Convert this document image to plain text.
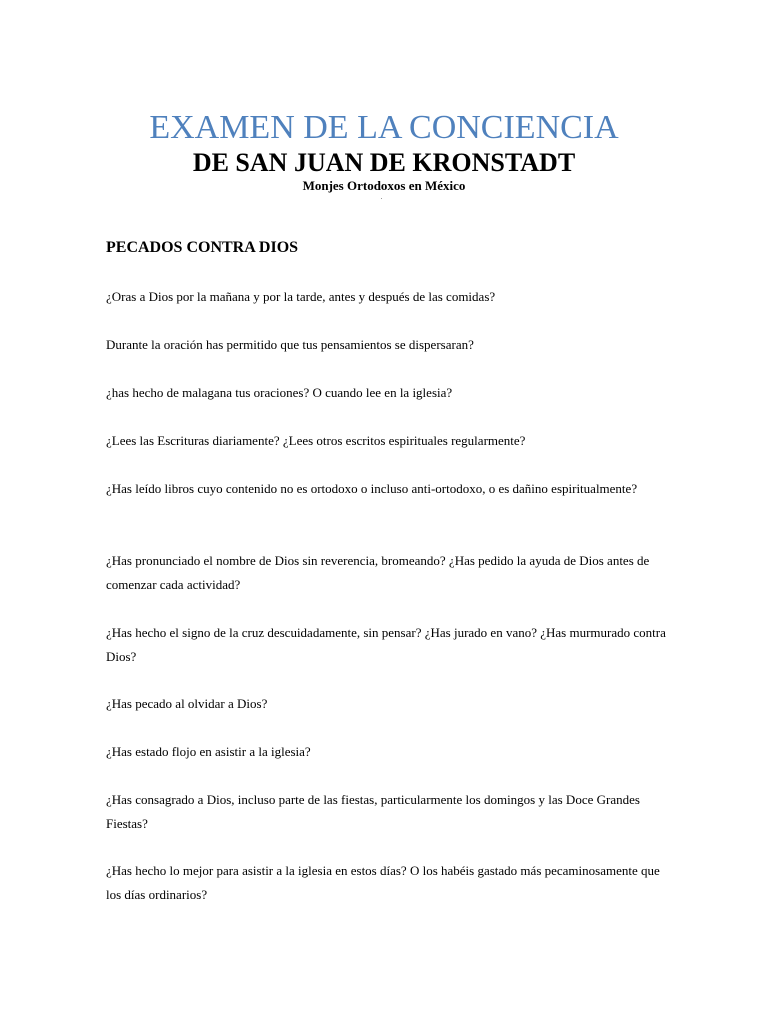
EXAMEN DE LA CONCIENCIA
DE SAN JUAN DE KRONSTADT
Monjes Ortodoxos en México
PECADOS CONTRA DIOS

¿Oras a Dios por la mañana y por la tarde, antes y después de las comidas?

Durante la oración has permitido que tus pensamientos se dispersaran?

¿has hecho de malagana tus oraciones? O cuando lee en la iglesia?

¿Lees las Escrituras diariamente? ¿Lees otros escritos espirituales regularmente?

¿Has leído libros cuyo contenido no es ortodoxo o incluso anti-ortodoxo, o es dañino espiritualmente?

¿Has pronunciado el nombre de Dios sin reverencia, bromeando? ¿Has pedido la ayuda de Dios antes de comenzar cada actividad?

¿Has hecho el signo de la cruz descuidadamente, sin pensar? ¿Has jurado en vano? ¿Has murmurado contra Dios?

¿Has pecado al olvidar a Dios?

¿Has estado flojo en asistir a la iglesia?

¿Has consagrado a Dios, incluso parte de las fiestas, particularmente los domingos y las Doce Grandes Fiestas?

¿Has hecho lo mejor para asistir a la iglesia en estos días? O los habéis gastado más pecaminosamente que los días ordinarios?
